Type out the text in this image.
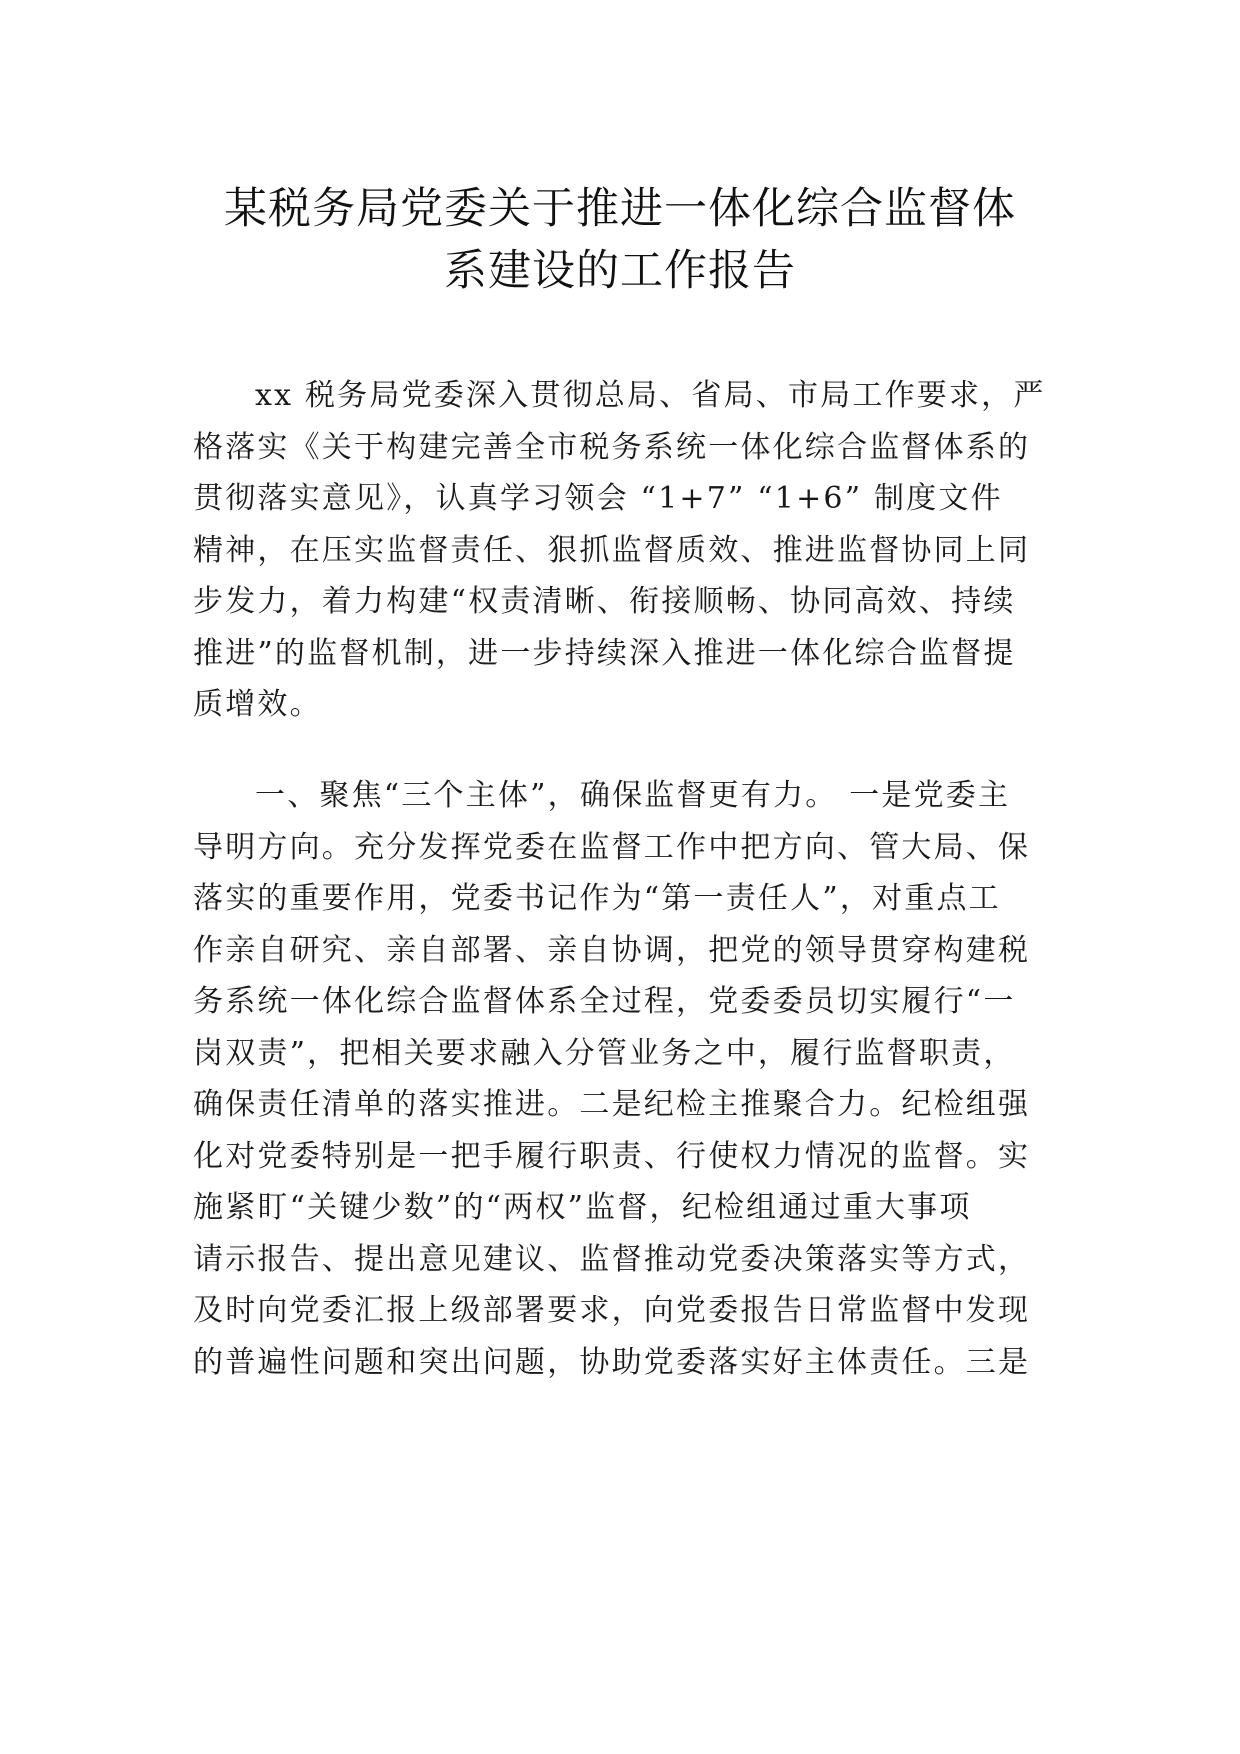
某税务局党委关于推进一体化综合监督体
系建设的工作报告
xx 税务局党委深入贯彻总局、省局、市局工作要求，严
格落实《关于构建完善全市税务系统一体化综合监督体系的
贯彻落实意见》，认真学习领会 “1+7” “1+6” 制度文件
精神，在压实监督责任、狠抓监督质效、推进监督协同上同
步发力，着力构建“权责清晰、衔接顺畅、协同高效、持续
推进”的监督机制，进一步持续深入推进一体化综合监督提
质增效。
一、聚焦“三个主体”，确保监督更有力。 一是党委主
导明方向。充分发挥党委在监督工作中把方向、管大局、保
落实的重要作用，党委书记作为“第一责任人”，对重点工
作亲自研究、亲自部署、亲自协调，把党的领导贯穿构建税
务系统一体化综合监督体系全过程，党委委员切实履行“一
岗双责”，把相关要求融入分管业务之中，履行监督职责，
确保责任清单的落实推进。二是纪检主推聚合力。纪检组强
化对党委特别是一把手履行职责、行使权力情况的监督。实
施紧盯“关键少数”的“两权”监督，纪检组通过重大事项
请示报告、提出意见建议、监督推动党委决策落实等方式，
及时向党委汇报上级部署要求，向党委报告日常监督中发现
的普遍性问题和突出问题，协助党委落实好主体责任。三是
